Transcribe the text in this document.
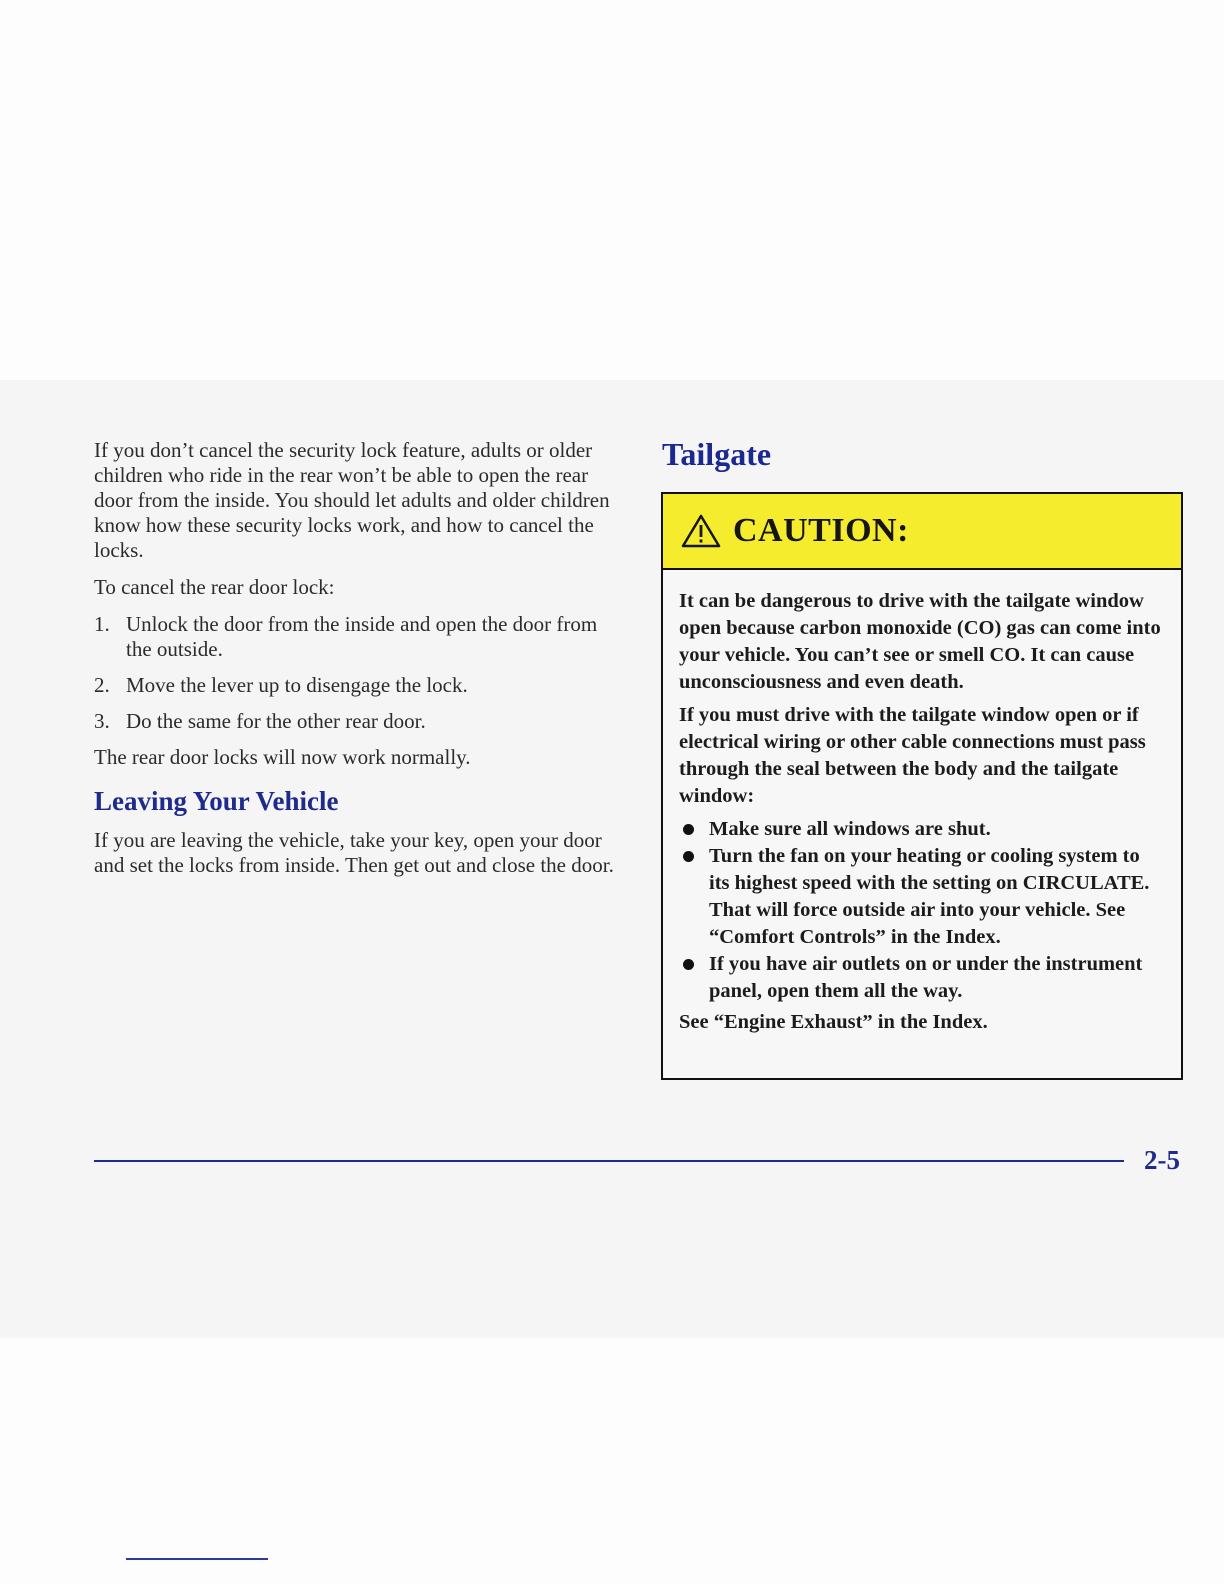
If you don’t cancel the security lock feature, adults or older children who ride in the rear won’t be able to open the rear door from the inside. You should let adults and older children know how these security locks work, and how to cancel the locks.

To cancel the rear door lock:

1. Unlock the door from the inside and open the door from the outside.
2. Move the lever up to disengage the lock.
3. Do the same for the other rear door.

The rear door locks will now work normally.

Leaving Your Vehicle

If you are leaving the vehicle, take your key, open your door and set the locks from inside. Then get out and close the door.

Tailgate
CAUTION:

It can be dangerous to drive with the tailgate window open because carbon monoxide (CO) gas can come into your vehicle. You can’t see or smell CO. It can cause unconsciousness and even death.

If you must drive with the tailgate window open or if electrical wiring or other cable connections must pass through the seal between the body and the tailgate window:

Make sure all windows are shut.
Turn the fan on your heating or cooling system to its highest speed with the setting on CIRCULATE. That will force outside air into your vehicle. See “Comfort Controls” in the Index.
If you have air outlets on or under the instrument panel, open them all the way.

See “Engine Exhaust” in the Index.

2-5
